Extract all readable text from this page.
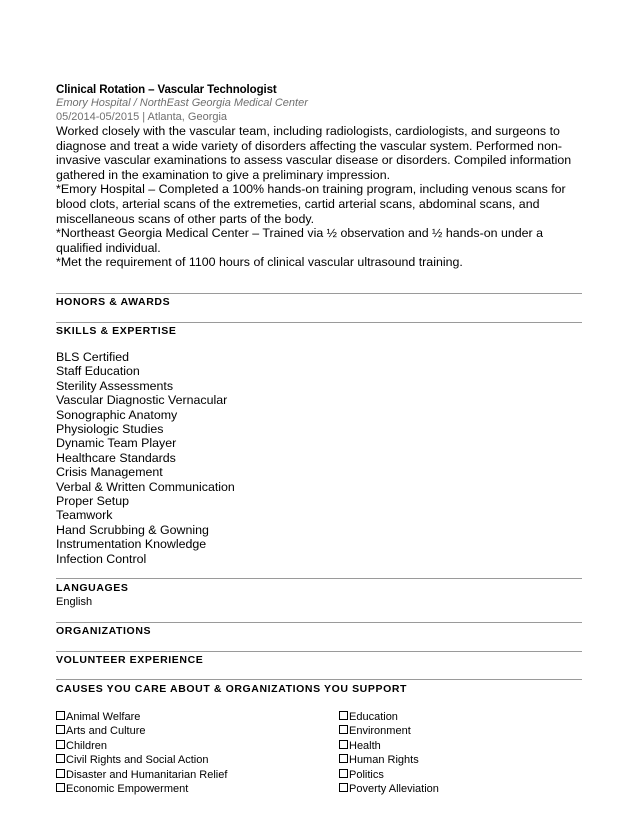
Clinical Rotation – Vascular Technologist
Emory Hospital / NorthEast Georgia Medical Center
05/2014-05/2015 | Atlanta, Georgia

Worked closely with the vascular team, including radiologists, cardiologists, and surgeons to diagnose and treat a wide variety of disorders affecting the vascular system. Performed non-invasive vascular examinations to assess vascular disease or disorders. Compiled information gathered in the examination to give a preliminary impression.

*Emory Hospital – Completed a 100% hands-on training program, including venous scans for blood clots, arterial scans of the extremeties, cartid arterial scans, abdominal scans, and miscellaneous scans of other parts of the body.

*Northeast Georgia Medical Center – Trained via ½ observation and ½ hands-on under a qualified individual.

*Met the requirement of 1100 hours of clinical vascular ultrasound training.

HONORS & AWARDS
SKILLS & EXPERTISE
BLS Certified
Staff Education
Sterility Assessments
Vascular Diagnostic Vernacular
Sonographic Anatomy
Physiologic Studies
Dynamic Team Player
Healthcare Standards
Crisis Management
Verbal & Written Communication
Proper Setup
Teamwork
Hand Scrubbing & Gowning
Instrumentation Knowledge
Infection Control
LANGUAGES
English
ORGANIZATIONS
VOLUNTEER EXPERIENCE
CAUSES YOU CARE ABOUT & ORGANIZATIONS YOU SUPPORT
Animal Welfare
Arts and Culture
Children
Civil Rights and Social Action
Disaster and Humanitarian Relief
Economic Empowerment
Education
Environment
Health
Human Rights
Politics
Poverty Alleviation
